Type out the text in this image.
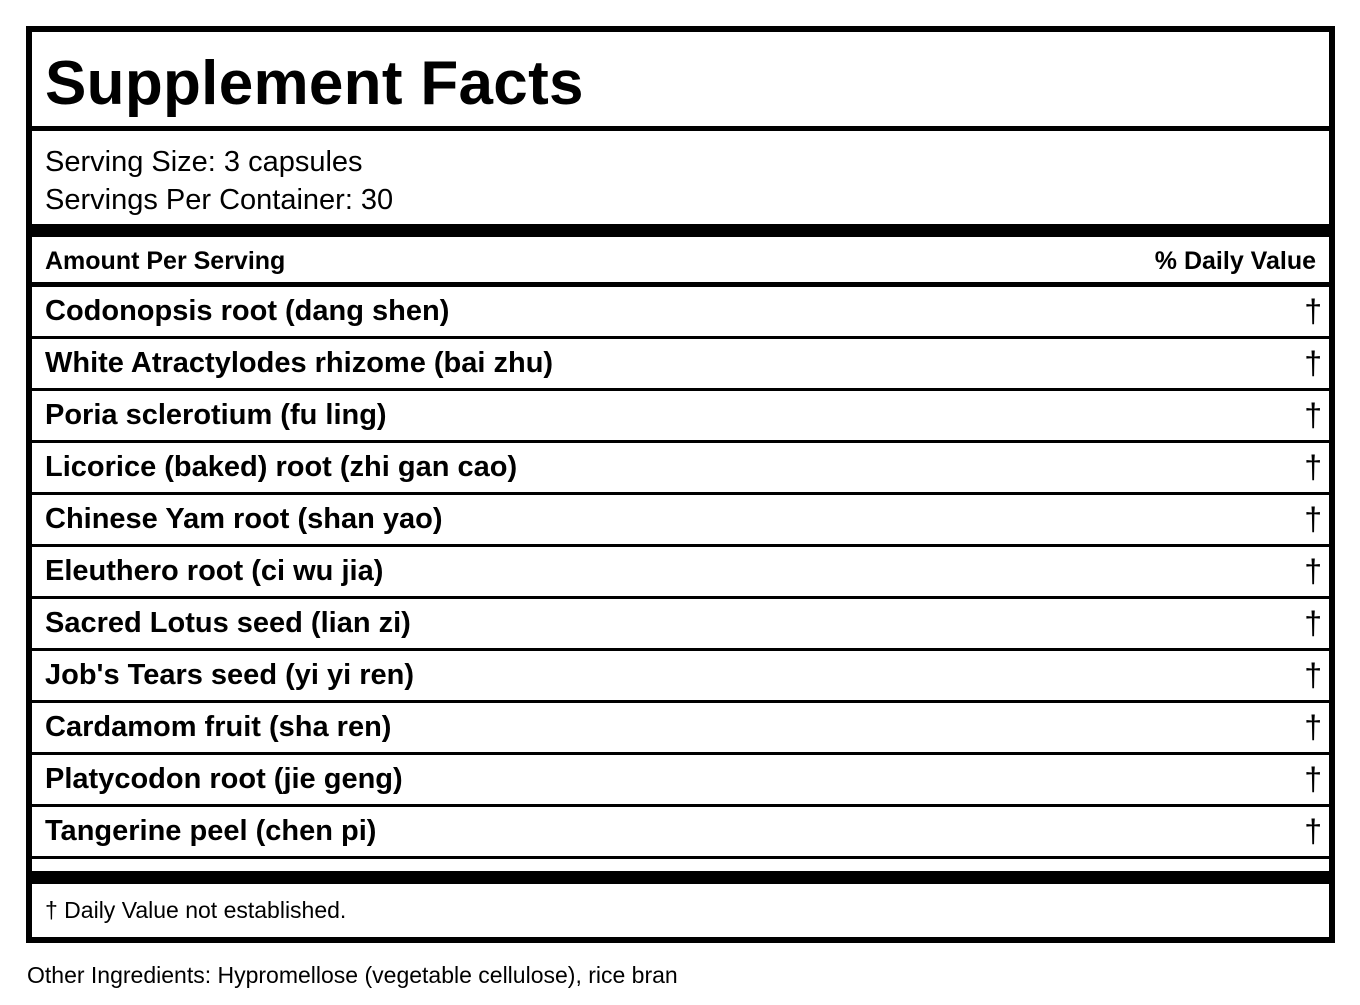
Supplement Facts
Serving Size: 3 capsules
Servings Per Container: 30
Amount Per Serving	% Daily Value
Codonopsis root (dang shen)	†
White Atractylodes rhizome (bai zhu)	†
Poria sclerotium (fu ling)	†
Licorice (baked) root (zhi gan cao)	†
Chinese Yam root (shan yao)	†
Eleuthero root (ci wu jia)	†
Sacred Lotus seed (lian zi)	†
Job's Tears seed (yi yi ren)	†
Cardamom fruit (sha ren)	†
Platycodon root (jie geng)	†
Tangerine peel (chen pi)	†
† Daily Value not established.
Other Ingredients: Hypromellose (vegetable cellulose), rice bran
